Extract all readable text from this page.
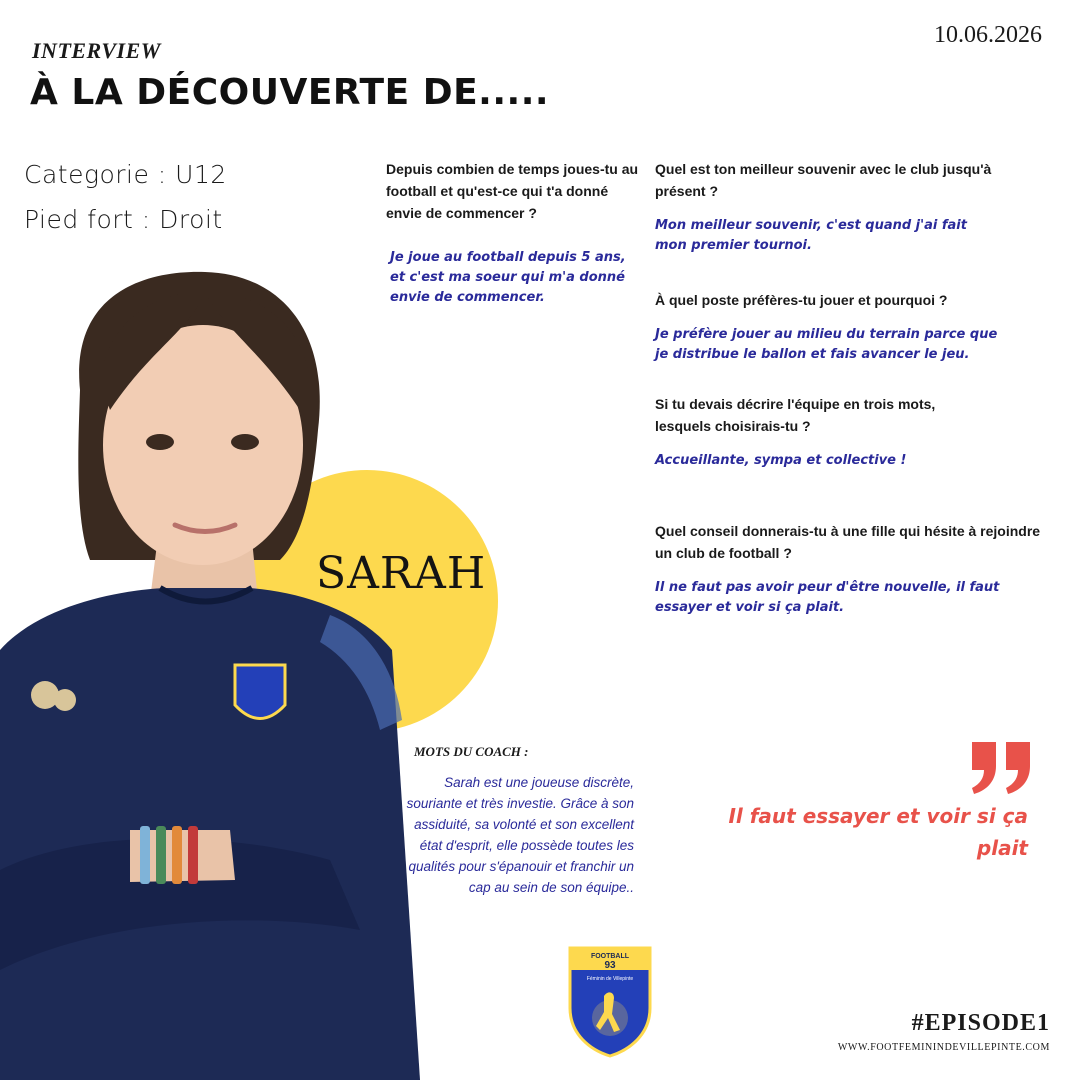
INTERVIEW
À LA DÉCOUVERTE DE.....
10.06.2026
Categorie : U12
Pied fort : Droit
SARAH
Depuis combien de temps joues-tu au football et qu'est-ce qui t'a donné envie de commencer ?
Je joue au football depuis 5 ans, et c'est ma soeur qui m'a donné envie de commencer.
Quel est ton meilleur souvenir avec le club jusqu'à présent ?
Mon meilleur souvenir, c'est quand j'ai fait mon premier tournoi.
À quel poste préfères-tu jouer et pourquoi ?
Je préfère jouer au milieu du terrain parce que je distribue le ballon et fais avancer le jeu.
Si tu devais décrire l'équipe en trois mots, lesquels choisirais-tu ?
Accueillante, sympa et collective !
Quel conseil donnerais-tu à une fille qui hésite à rejoindre un club de football ?
Il ne faut pas avoir peur d'être nouvelle, il faut essayer et voir si ça plait.
MOTS DU COACH :
Sarah est une joueuse discrète, souriante et très investie. Grâce à son assiduité, sa volonté et son excellent état d'esprit, elle possède toutes les qualités pour s'épanouir et franchir un cap au sein de son équipe..
Il faut essayer et voir si ça plait
FOOTBALL
93
Féminin de Villepinte
#EPISODE1
WWW.FOOTFEMININDEVILLEPINTE.COM
